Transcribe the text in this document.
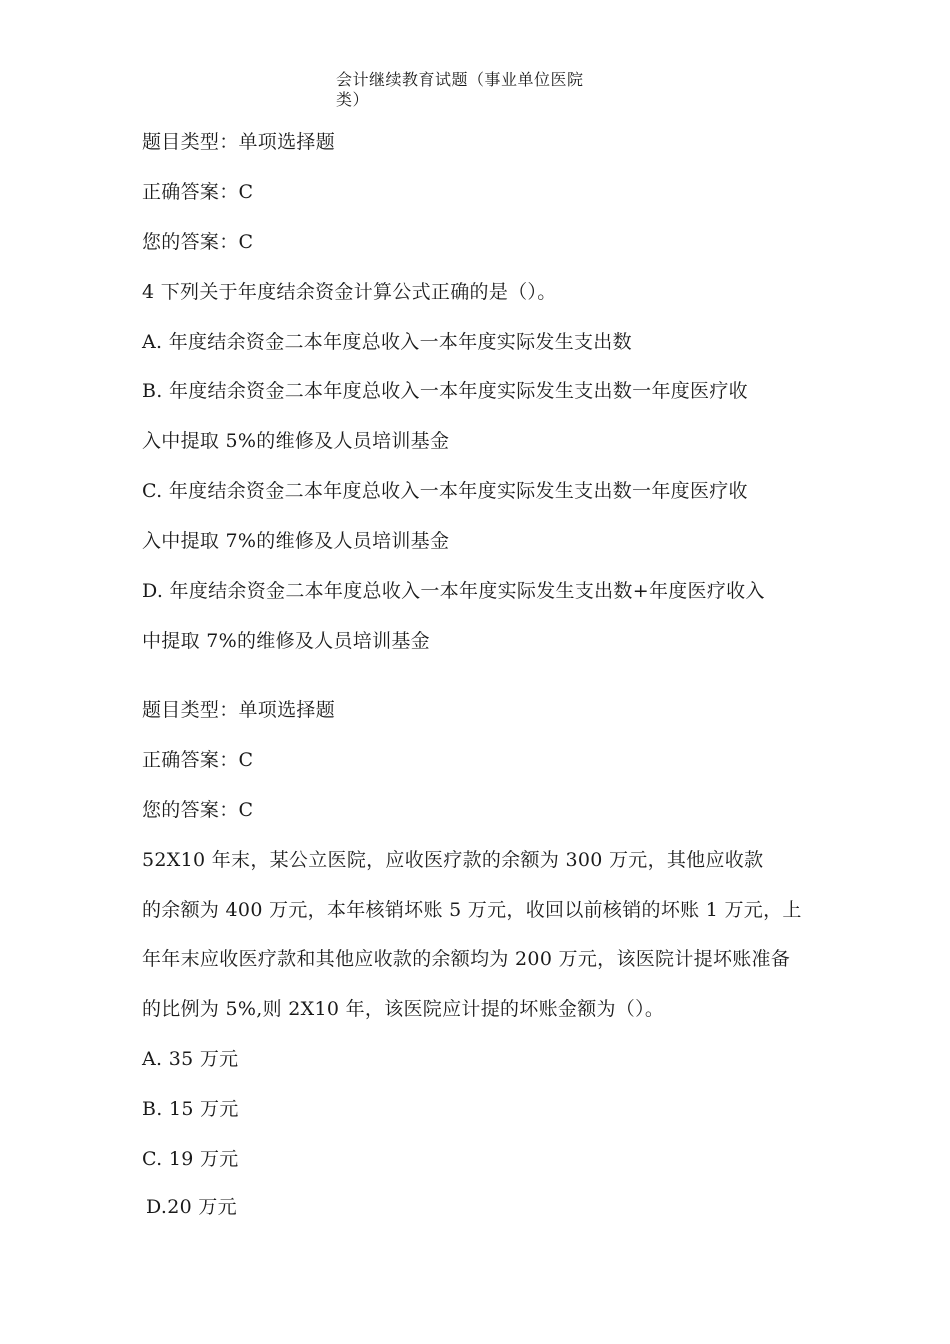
会计继续教育试题（事业单位医院
类）
题目类型：单项选择题
正确答案：C
您的答案：C
4 下列关于年度结余资金计算公式正确的是（）。
A. 年度结余资金二本年度总收入一本年度实际发生支出数
B. 年度结余资金二本年度总收入一本年度实际发生支出数一年度医疗收
入中提取 5%的维修及人员培训基金
C. 年度结余资金二本年度总收入一本年度实际发生支出数一年度医疗收
入中提取 7%的维修及人员培训基金
D. 年度结余资金二本年度总收入一本年度实际发生支出数+年度医疗收入
中提取 7%的维修及人员培训基金
题目类型：单项选择题
正确答案：C
您的答案：C
52X10 年末，某公立医院，应收医疗款的余额为 300 万元，其他应收款
的余额为 400 万元，本年核销坏账 5 万元，收回以前核销的坏账 1 万元，上
年年末应收医疗款和其他应收款的余额均为 200 万元，该医院计提坏账准备
的比例为 5%,则 2X10 年，该医院应计提的坏账金额为（）。
A. 35 万元
B. 15 万元
C. 19 万元
D.20 万元
